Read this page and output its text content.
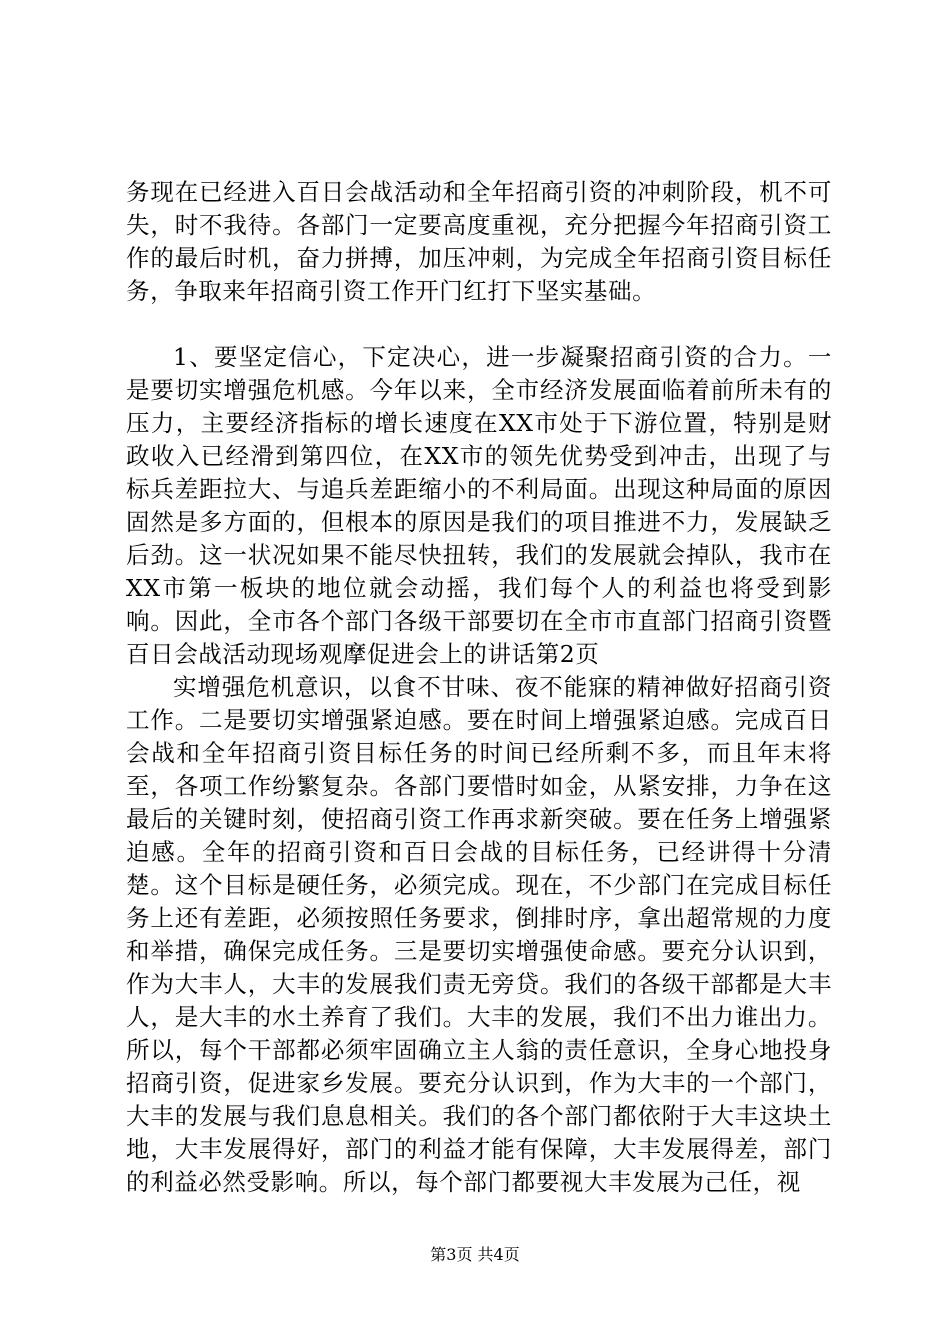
务现在已经进入百日会战活动和全年招商引资的冲刺阶段，机不可失，时不我待。各部门一定要高度重视，充分把握今年招商引资工作的最后时机，奋力拼搏，加压冲刺，为完成全年招商引资目标任务，争取来年招商引资工作开门红打下坚实基础。

1、要坚定信心，下定决心，进一步凝聚招商引资的合力。一是要切实增强危机感。今年以来，全市经济发展面临着前所未有的压力，主要经济指标的增长速度在XX市处于下游位置，特别是财政收入已经滑到第四位，在XX市的领先优势受到冲击，出现了与标兵差距拉大、与追兵差距缩小的不利局面。出现这种局面的原因固然是多方面的，但根本的原因是我们的项目推进不力，发展缺乏后劲。这一状况如果不能尽快扭转，我们的发展就会掉队，我市在XX市第一板块的地位就会动摇，我们每个人的利益也将受到影响。因此，全市各个部门各级干部要切在全市市直部门招商引资暨百日会战活动现场观摩促进会上的讲话第2页

实增强危机意识，以食不甘味、夜不能寐的精神做好招商引资工作。二是要切实增强紧迫感。要在时间上增强紧迫感。完成百日会战和全年招商引资目标任务的时间已经所剩不多，而且年末将至，各项工作纷繁复杂。各部门要惜时如金，从紧安排，力争在这最后的关键时刻，使招商引资工作再求新突破。要在任务上增强紧迫感。全年的招商引资和百日会战的目标任务，已经讲得十分清楚。这个目标是硬任务，必须完成。现在，不少部门在完成目标任务上还有差距，必须按照任务要求，倒排时序，拿出超常规的力度和举措，确保完成任务。三是要切实增强使命感。要充分认识到，作为大丰人，大丰的发展我们责无旁贷。我们的各级干部都是大丰人，是大丰的水土养育了我们。大丰的发展，我们不出力谁出力。所以，每个干部都必须牢固确立主人翁的责任意识，全身心地投身招商引资，促进家乡发展。要充分认识到，作为大丰的一个部门，大丰的发展与我们息息相关。我们的各个部门都依附于大丰这块土地，大丰发展得好，部门的利益才能有保障，大丰发展得差，部门的利益必然受影响。所以，每个部门都要视大丰发展为己任，视

第3页 共4页
